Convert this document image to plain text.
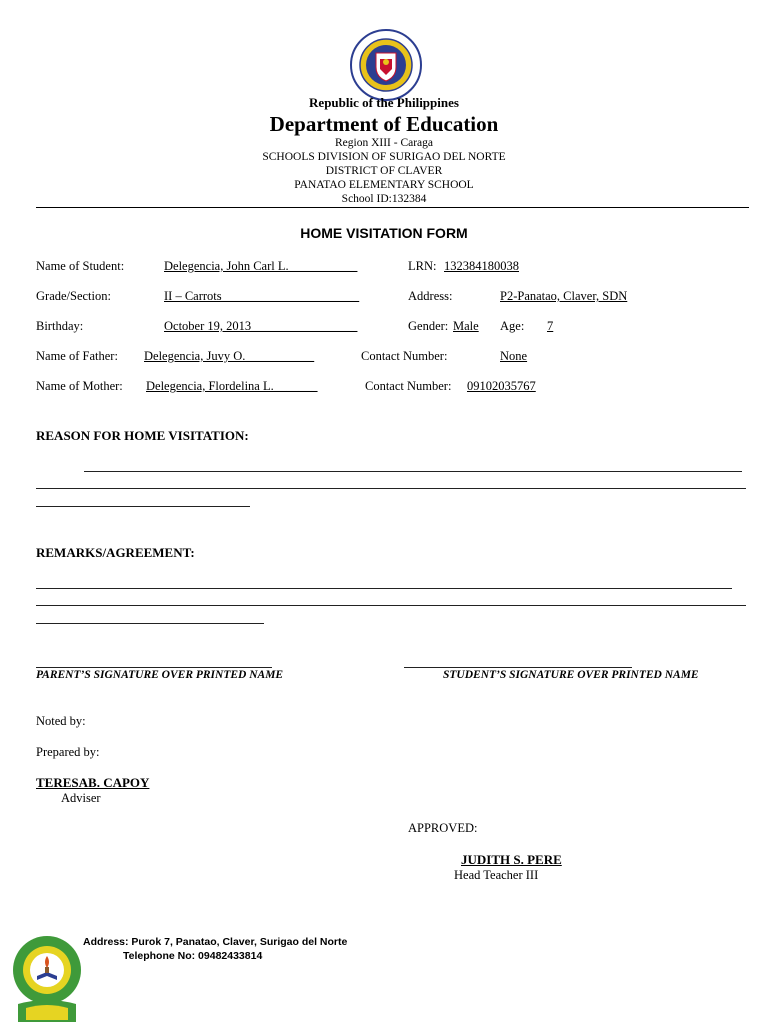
Republic of the Philippines
Department of Education
Region XIII - Caraga
SCHOOLS DIVISION OF SURIGAO DEL NORTE
DISTRICT OF CLAVER
PANATAO ELEMENTARY SCHOOL
School ID:132384
HOME VISITATION FORM
Name of Student:	Delegencia, John Carl L.___________	LRN: 132384180038
Grade/Section:	II – Carrots______________________	Address:	P2-Panatao, Claver, SDN
Birthday:	October 19, 2013_________________	Gender: Male Age: 7
Name of Father: Delegencia, Juvy O.___________	Contact Number:	None
Name of Mother: Delegencia, Flordelina L._______	Contact Number: 09102035767
REASON FOR HOME VISITATION:
REMARKS/AGREEMENT:
PARENT’S SIGNATURE OVER PRINTED NAME	STUDENT’S SIGNATURE OVER PRINTED NAME
Noted by:
Prepared by:
TERESAB. CAPOY
Adviser
APPROVED:
JUDITH S. PERE
Head Teacher III
Address: Purok 7, Panatao, Claver, Surigao del Norte
Telephone No: 09482433814
